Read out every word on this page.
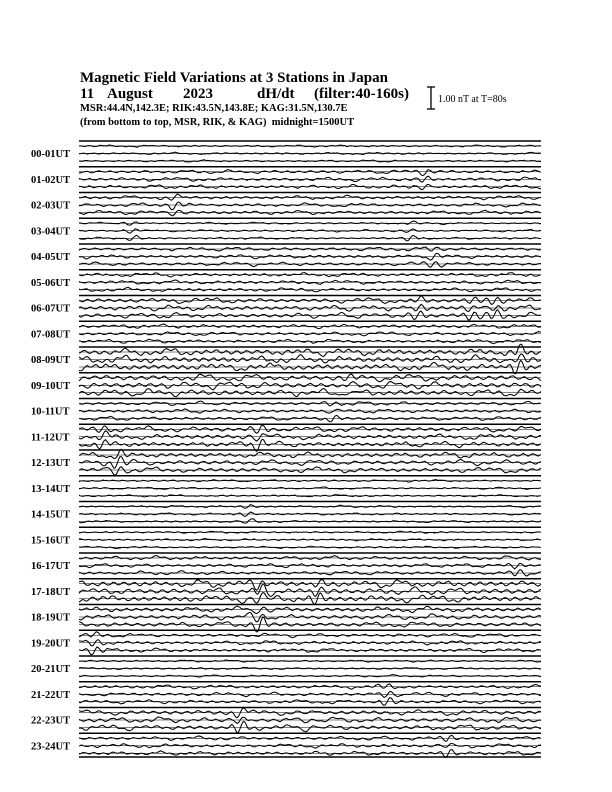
Magnetic Field Variations at 3 Stations in Japan
11 August 2023	dH/dt (filter:40-160s)
MSR:44.4N,142.3E; RIK:43.5N,143.8E; KAG:31.5N,130.7E
(from bottom to top, MSR, RIK, & KAG) midnight=1500UT
1.00 nT at T=80s
00-01UT
01-02UT
02-03UT
03-04UT
04-05UT
05-06UT
06-07UT
07-08UT
08-09UT
09-10UT
10-11UT
11-12UT
12-13UT
13-14UT
14-15UT
15-16UT
16-17UT
17-18UT
18-19UT
19-20UT
20-21UT
21-22UT
22-23UT
23-24UT
